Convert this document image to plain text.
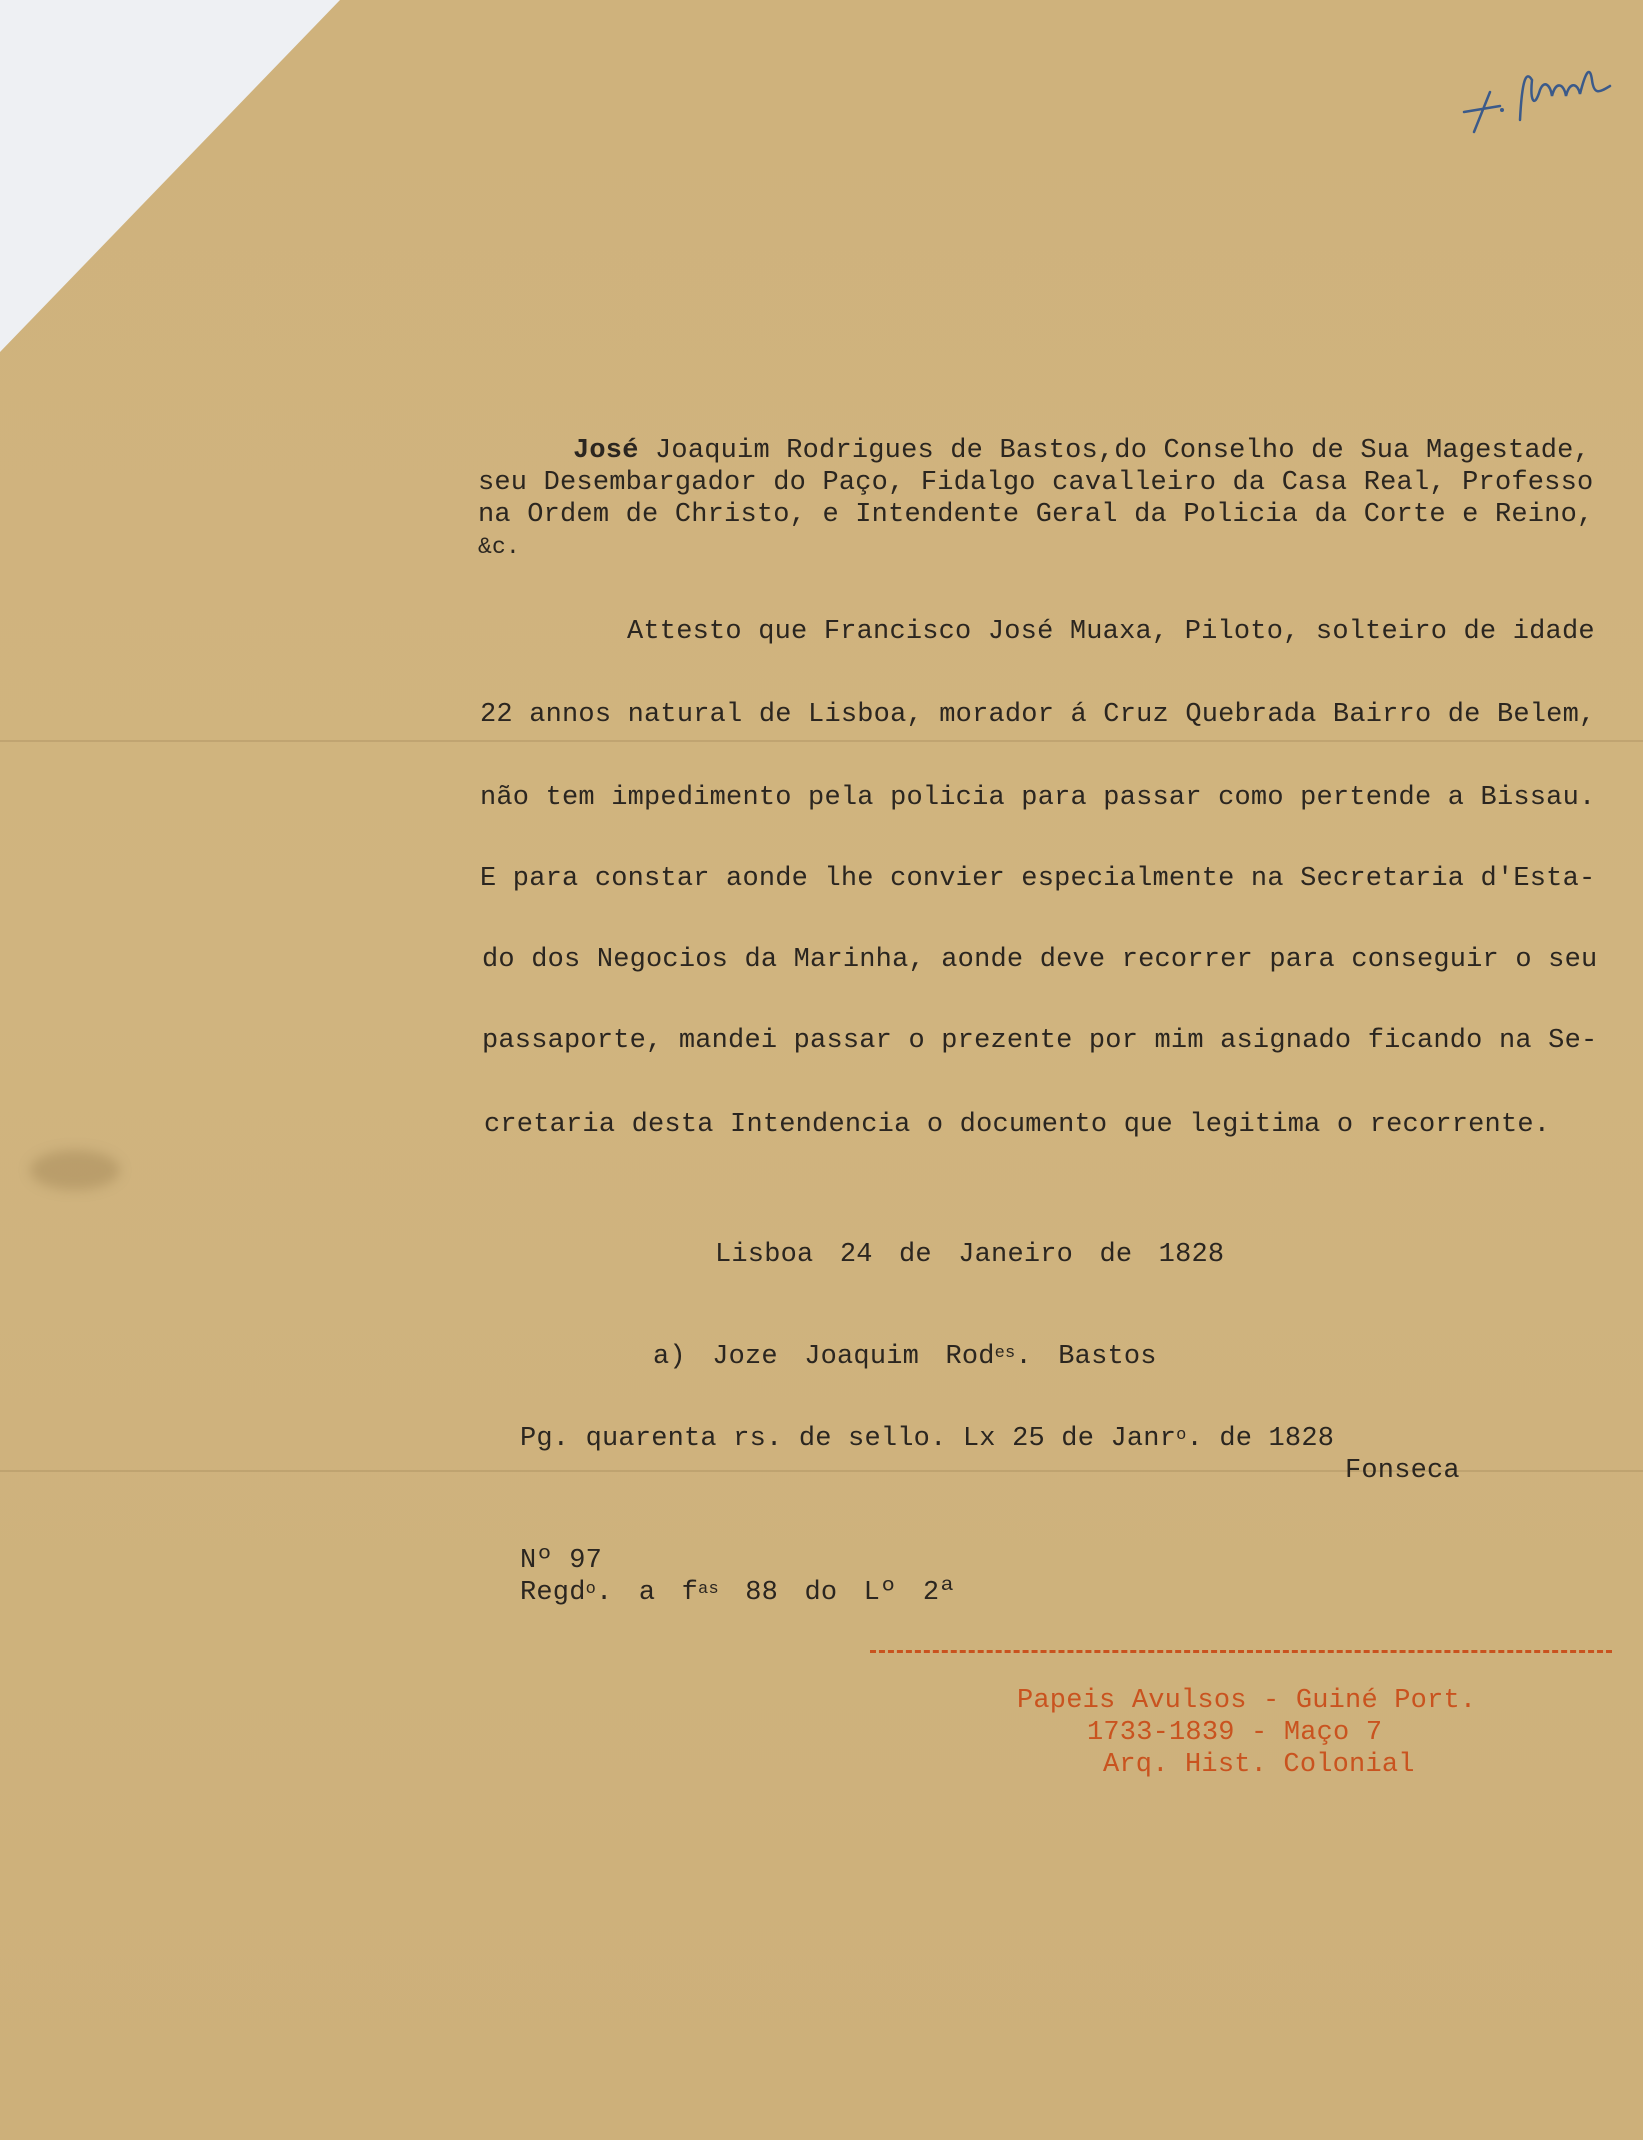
José Joaquim Rodrigues de Bastos,do Conselho de Sua Magestade,
seu Desembargador do Paço, Fidalgo cavalleiro da Casa Real, Professo
na Ordem de Christo, e Intendente Geral da Policia da Corte e Reino,
&c.
Attesto que Francisco José Muaxa, Piloto, solteiro de idade
22 annos natural de Lisboa, morador á Cruz Quebrada Bairro de Belem,
não tem impedimento pela policia para passar como pertende a Bissau.
E para constar aonde lhe convier especialmente na Secretaria d'Esta-
do dos Negocios da Marinha, aonde deve recorrer para conseguir o seu
passaporte, mandei passar o prezente por mim asignado ficando na Se-
cretaria desta Intendencia o documento que legitima o recorrente.
Lisboa 24 de Janeiro de 1828
a) Joze Joaquim Rod$^{es}$. Bastos
Pg. quarenta rs. de sello. Lx 25 de Janr$^o$. de 1828
Fonseca
Nº 97
Regd$^o$. a $f^{as}$ 88 do Lº 2ª
Papeis Avulsos - Guiné Port.
1733-1839 - Maço 7
Arq. Hist. Colonial
